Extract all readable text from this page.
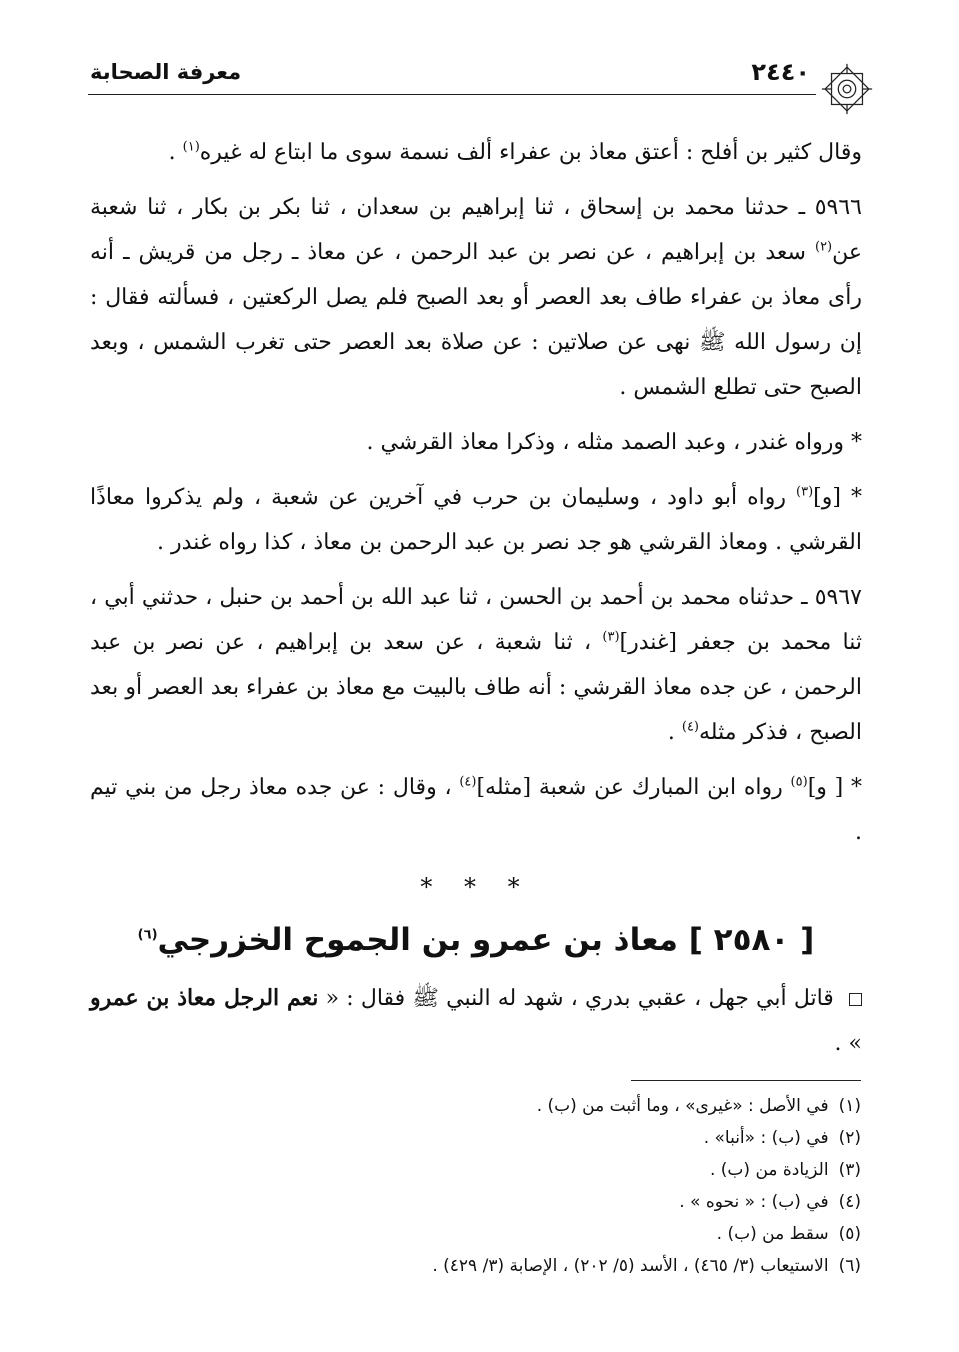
٢٤٤٠
معرفة الصحابة

وقال كثير بن أفلح : أعتق معاذ بن عفراء ألف نسمة سوى ما ابتاع له غيره$^{(١)}$ .

٥٩٦٦ ـ حدثنا محمد بن إسحاق ، ثنا إبراهيم بن سعدان ، ثنا بكر بن بكار ، ثنا شعبة عن$^{(٢)}$ سعد بن إبراهيم ، عن نصر بن عبد الرحمن ، عن معاذ ـ رجل من قريش ـ أنه رأى معاذ بن عفراء طاف بعد العصر أو بعد الصبح فلم يصل الركعتين ، فسألته فقال : إن رسول الله ﷺ نهى عن صلاتين : عن صلاة بعد العصر حتى تغرب الشمس ، وبعد الصبح حتى تطلع الشمس .

* ورواه غندر ، وعبد الصمد مثله ، وذكرا معاذ القرشي .

* [و]$^{(٣)}$ رواه أبو داود ، وسليمان بن حرب في آخرين عن شعبة ، ولم يذكروا معاذًا القرشي . ومعاذ القرشي هو جد نصر بن عبد الرحمن بن معاذ ، كذا رواه غندر .

٥٩٦٧ ـ حدثناه محمد بن أحمد بن الحسن ، ثنا عبد الله بن أحمد بن حنبل ، حدثني أبي ، ثنا محمد بن جعفر [غندر]$^{(٣)}$ ، ثنا شعبة ، عن سعد بن إبراهيم ، عن نصر بن عبد الرحمن ، عن جده معاذ القرشي : أنه طاف بالبيت مع معاذ بن عفراء بعد العصر أو بعد الصبح ، فذكر مثله$^{(٤)}$ .

* [ و]$^{(٥)}$ رواه ابن المبارك عن شعبة [مثله]$^{(٤)}$ ، وقال : عن جده معاذ رجل من بني تيم .

* * *
[ ٢٥٨٠ ] معاذ بن عمرو بن الجموح الخزرجي$^{(٦)}$

قاتل أبي جهل ، عقبي بدري ، شهد له النبي ﷺ فقال : « نعم الرجل معاذ بن عمرو » .

(١)في الأصل : «غيرى» ، وما أثبت من (ب) .

(٢)في (ب) : «أنبا» .

(٣)الزيادة من (ب) .

(٤)في (ب) : « نحوه » .

(٥)سقط من (ب) .

(٦)الاستيعاب (٣/ ٤٦٥) ، الأسد (٥/ ٢٠٢) ، الإصابة (٣/ ٤٢٩) .
